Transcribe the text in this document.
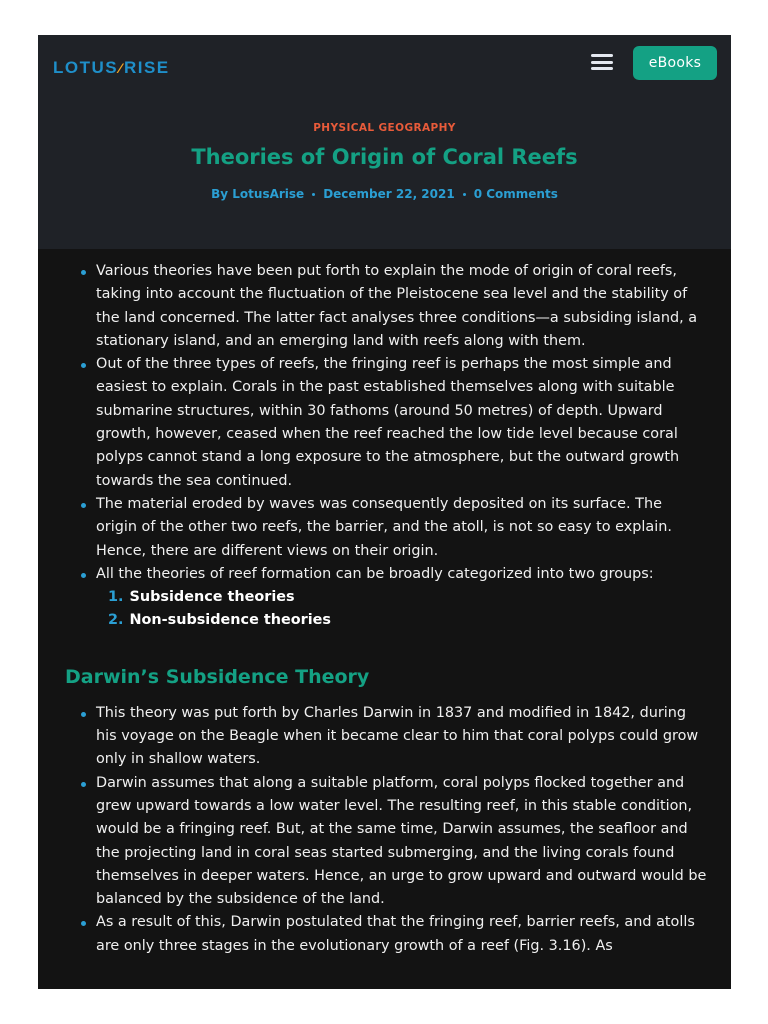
LOTUS ⁄ RISE	eBooks
PHYSICAL GEOGRAPHY
Theories of Origin of Coral Reefs
By LotusArise December 22, 2021 0 Comments
Various theories have been put forth to explain the mode of origin of coral reefs, taking into account the fluctuation of the Pleistocene sea level and the stability of the land concerned. The latter fact analyses three conditions—a subsiding island, a stationary island, and an emerging land with reefs along with them.
Out of the three types of reefs, the fringing reef is perhaps the most simple and easiest to explain. Corals in the past established themselves along with suitable submarine structures, within 30 fathoms (around 50 metres) of depth. Upward growth, however, ceased when the reef reached the low tide level because coral polyps cannot stand a long exposure to the atmosphere, but the outward growth towards the sea continued.
The material eroded by waves was consequently deposited on its surface. The origin of the other two reefs, the barrier, and the atoll, is not so easy to explain. Hence, there are different views on their origin.
All the theories of reef formation can be broadly categorized into two groups:
1. Subsidence theories
2. Non-subsidence theories
Darwin’s Subsidence Theory
This theory was put forth by Charles Darwin in 1837 and modified in 1842, during his voyage on the Beagle when it became clear to him that coral polyps could grow only in shallow waters.
Darwin assumes that along a suitable platform, coral polyps flocked together and grew upward towards a low water level. The resulting reef, in this stable condition, would be a fringing reef. But, at the same time, Darwin assumes, the seafloor and the projecting land in coral seas started submerging, and the living corals found themselves in deeper waters. Hence, an urge to grow upward and outward would be balanced by the subsidence of the land.
As a result of this, Darwin postulated that the fringing reef, barrier reefs, and atolls are only three stages in the evolutionary growth of a reef (Fig. 3.16). As
